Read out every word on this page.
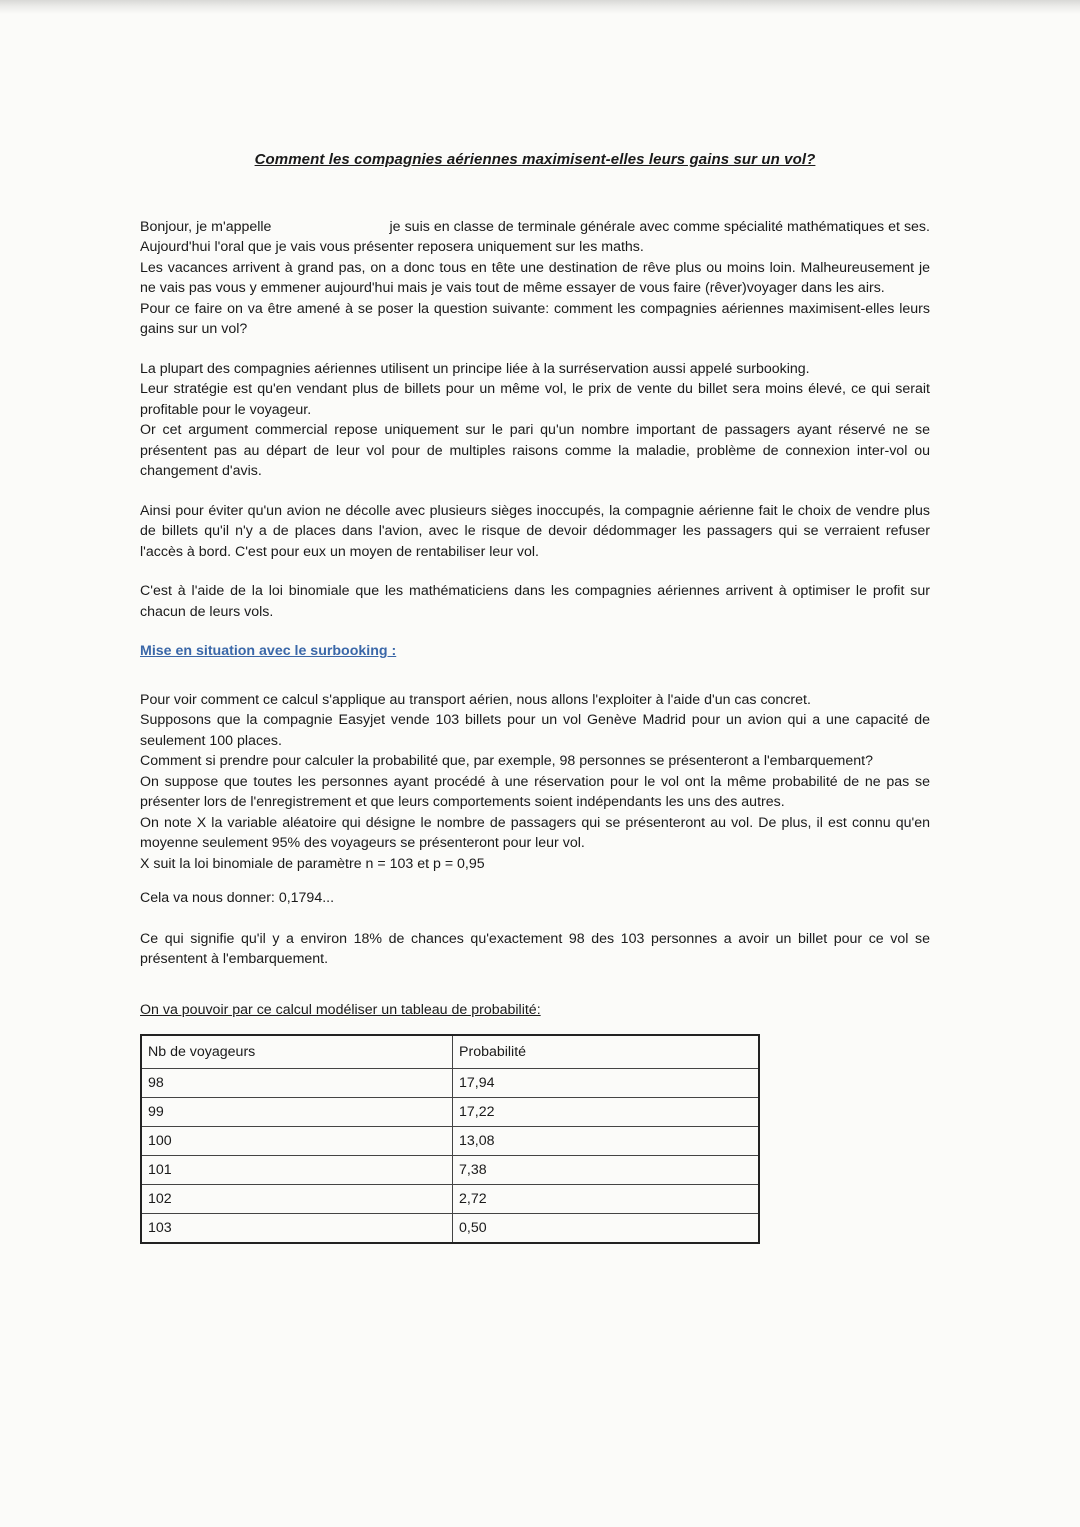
Comment les compagnies aériennes maximisent-elles leurs gains sur un vol?

Bonjour, je m'appelle	je suis en classe de terminale générale avec comme spécialité mathématiques et ses. Aujourd'hui l'oral que je vais vous présenter reposera uniquement sur les maths.

Les vacances arrivent à grand pas, on a donc tous en tête une destination de rêve plus ou moins loin. Malheureusement je ne vais pas vous y emmener aujourd'hui mais je vais tout de même essayer de vous faire (rêver)voyager dans les airs.

Pour ce faire on va être amené à se poser la question suivante: comment les compagnies aériennes maximisent-elles leurs gains sur un vol?

La plupart des compagnies aériennes utilisent un principe liée à la surréservation aussi appelé surbooking.

Leur stratégie est qu'en vendant plus de billets pour un même vol, le prix de vente du billet sera moins élevé, ce qui serait profitable pour le voyageur.

Or cet argument commercial repose uniquement sur le pari qu'un nombre important de passagers ayant réservé ne se présentent pas au départ de leur vol pour de multiples raisons comme la maladie, problème de connexion inter-vol ou changement d'avis.

Ainsi pour éviter qu'un avion ne décolle avec plusieurs sièges inoccupés, la compagnie aérienne fait le choix de vendre plus de billets qu'il n'y a de places dans l'avion, avec le risque de devoir dédommager les passagers qui se verraient refuser l'accès à bord. C'est pour eux un moyen de rentabiliser leur vol.

C'est à l'aide de la loi binomiale que les mathématiciens dans les compagnies aériennes arrivent à optimiser le profit sur chacun de leurs vols.

Mise en situation avec le surbooking :

Pour voir comment ce calcul s'applique au transport aérien, nous allons l'exploiter à l'aide d'un cas concret.

Supposons que la compagnie Easyjet vende 103 billets pour un vol Genève Madrid pour un avion qui a une capacité de seulement 100 places.

Comment si prendre pour calculer la probabilité que, par exemple, 98 personnes se présenteront a l'embarquement?

On suppose que toutes les personnes ayant procédé à une réservation pour le vol ont la même probabilité de ne pas se présenter lors de l'enregistrement et que leurs comportements soient indépendants les uns des autres.

On note X la variable aléatoire qui désigne le nombre de passagers qui se présenteront au vol. De plus, il est connu qu'en moyenne seulement 95% des voyageurs se présenteront pour leur vol.

X suit la loi binomiale de paramètre n = 103 et p = 0,95

Cela va nous donner: 0,1794...

Ce qui signifie qu'il y a environ 18% de chances qu'exactement 98 des 103 personnes a avoir un billet pour ce vol se présentent à l'embarquement.

On va pouvoir par ce calcul modéliser un tableau de probabilité:

Nb de voyageurs	Probabilité
98	17,94
99	17,22
100	13,08
101	7,38
102	2,72
103	0,50
